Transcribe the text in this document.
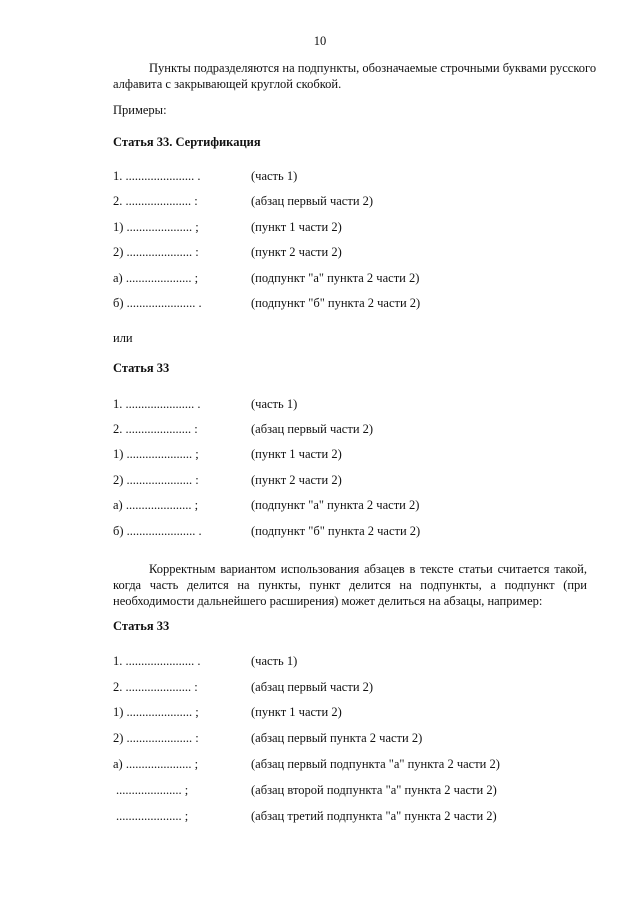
10
Пункты подразделяются на подпункты, обозначаемые строчными буквами русского
алфавита с закрывающей круглой скобкой.
Примеры:
Статья 33. Сертификация
1. ...................... .	(часть 1)
2. ..................... :	(абзац первый части 2)
1) ..................... ;	(пункт 1 части 2)
2) ..................... :	(пункт 2 части 2)
а) ..................... ;	(подпункт "а" пункта 2 части 2)
б) ...................... .	(подпункт "б" пункта 2 части 2)
или
Статья 33
1. ...................... .	(часть 1)
2. ..................... :	(абзац первый части 2)
1) ..................... ;	(пункт 1 части 2)
2) ..................... :	(пункт 2 части 2)
а) ..................... ;	(подпункт "а" пункта 2 части 2)
б) ...................... .	(подпункт "б" пункта 2 части 2)
Корректным вариантом использования абзацев в тексте статьи считается такой,
когда часть делится на пункты, пункт делится на подпункты, а подпункт (при
необходимости дальнейшего расширения) может делиться на абзацы, например:
Статья 33
1. ...................... .	(часть 1)
2. ..................... :	(абзац первый части 2)
1) ..................... ;	(пункт 1 части 2)
2) ..................... :	(абзац первый пункта 2 части 2)
а) ..................... ;	(абзац первый подпункта "а" пункта 2 части 2)
..................... ;	(абзац второй подпункта "а" пункта 2 части 2)
..................... ;	(абзац третий подпункта "а" пункта 2 части 2)
